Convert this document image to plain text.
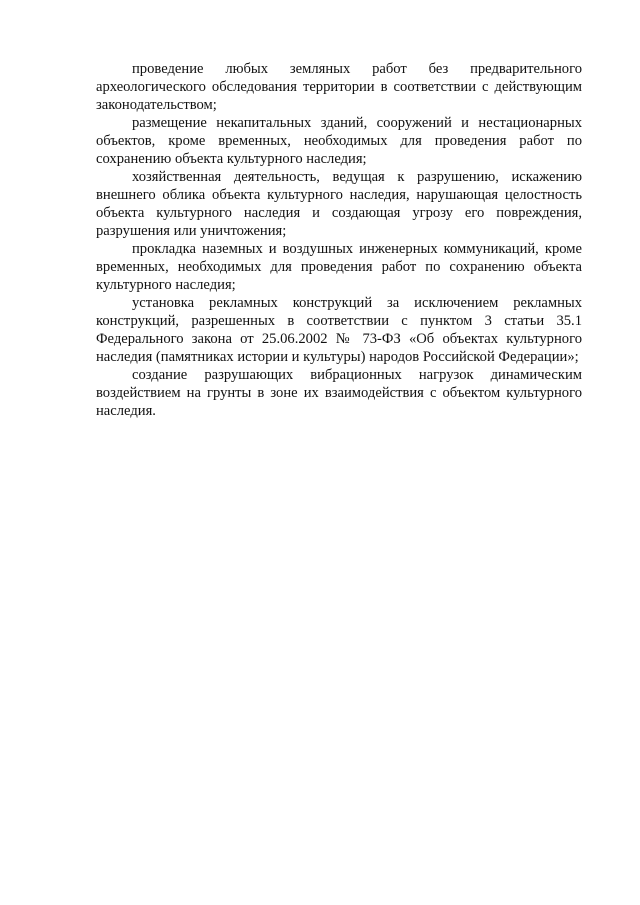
проведение любых земляных работ без предварительного археологического обследования территории в соответствии с действующим законодательством;

размещение некапитальных зданий, сооружений и нестационарных объектов, кроме временных, необходимых для проведения работ по сохранению объекта культурного наследия;

хозяйственная деятельность, ведущая к разрушению, искажению внешнего облика объекта культурного наследия, нарушающая целостность объекта культурного наследия и создающая угрозу его повреждения, разрушения или уничтожения;

прокладка наземных и воздушных инженерных коммуникаций, кроме временных, необходимых для проведения работ по сохранению объекта культурного наследия;

установка рекламных конструкций за исключением рекламных конструкций, разрешенных в соответствии с пунктом 3 статьи 35.1 Федерального закона от 25.06.2002 № 73-ФЗ «Об объектах культурного наследия (памятниках истории и культуры) народов Российской Федерации»;

создание разрушающих вибрационных нагрузок динамическим воздействием на грунты в зоне их взаимодействия с объектом культурного наследия.
